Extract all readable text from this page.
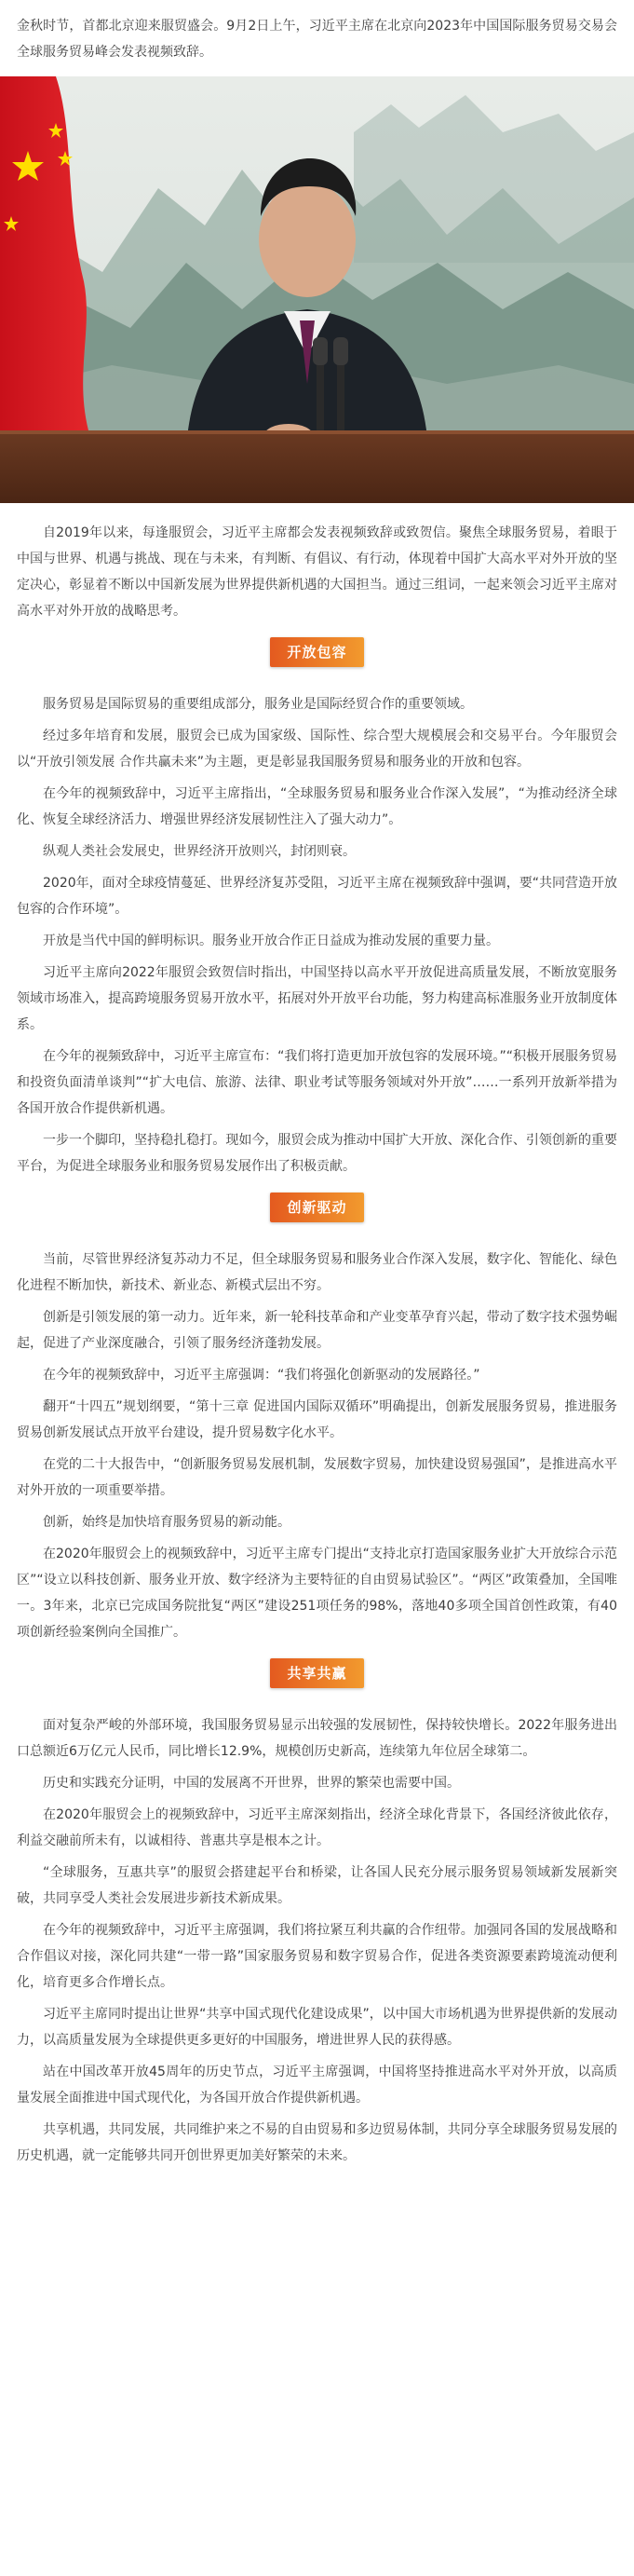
金秋时节，首都北京迎来服贸盛会。9月2日上午，习近平主席在北京向2023年中国国际服务贸易交易会全球服务贸易峰会发表视频致辞。

自2019年以来，每逢服贸会，习近平主席都会发表视频致辞或致贺信。聚焦全球服务贸易，着眼于中国与世界、机遇与挑战、现在与未来，有判断、有倡议、有行动，体现着中国扩大高水平对外开放的坚定决心，彰显着不断以中国新发展为世界提供新机遇的大国担当。通过三组词，一起来领会习近平主席对高水平对外开放的战略思考。

开放包容

服务贸易是国际贸易的重要组成部分，服务业是国际经贸合作的重要领域。

经过多年培育和发展，服贸会已成为国家级、国际性、综合型大规模展会和交易平台。今年服贸会以“开放引领发展 合作共赢未来”为主题，更是彰显我国服务贸易和服务业的开放和包容。

在今年的视频致辞中，习近平主席指出，“全球服务贸易和服务业合作深入发展”，“为推动经济全球化、恢复全球经济活力、增强世界经济发展韧性注入了强大动力”。

纵观人类社会发展史，世界经济开放则兴，封闭则衰。

2020年，面对全球疫情蔓延、世界经济复苏受阻，习近平主席在视频致辞中强调，要“共同营造开放包容的合作环境”。

开放是当代中国的鲜明标识。服务业开放合作正日益成为推动发展的重要力量。

习近平主席向2022年服贸会致贺信时指出，中国坚持以高水平开放促进高质量发展，不断放宽服务领域市场准入，提高跨境服务贸易开放水平，拓展对外开放平台功能，努力构建高标准服务业开放制度体系。

在今年的视频致辞中，习近平主席宣布：“我们将打造更加开放包容的发展环境。”“积极开展服务贸易和投资负面清单谈判”“扩大电信、旅游、法律、职业考试等服务领域对外开放”……一系列开放新举措为各国开放合作提供新机遇。

一步一个脚印，坚持稳扎稳打。现如今，服贸会成为推动中国扩大开放、深化合作、引领创新的重要平台，为促进全球服务业和服务贸易发展作出了积极贡献。

创新驱动

当前，尽管世界经济复苏动力不足，但全球服务贸易和服务业合作深入发展，数字化、智能化、绿色化进程不断加快，新技术、新业态、新模式层出不穷。

创新是引领发展的第一动力。近年来，新一轮科技革命和产业变革孕育兴起，带动了数字技术强势崛起，促进了产业深度融合，引领了服务经济蓬勃发展。

在今年的视频致辞中，习近平主席强调：“我们将强化创新驱动的发展路径。”

翻开“十四五”规划纲要，“第十三章 促进国内国际双循环”明确提出，创新发展服务贸易，推进服务贸易创新发展试点开放平台建设，提升贸易数字化水平。

在党的二十大报告中，“创新服务贸易发展机制，发展数字贸易，加快建设贸易强国”，是推进高水平对外开放的一项重要举措。

创新，始终是加快培育服务贸易的新动能。

在2020年服贸会上的视频致辞中，习近平主席专门提出“支持北京打造国家服务业扩大开放综合示范区”“设立以科技创新、服务业开放、数字经济为主要特征的自由贸易试验区”。“两区”政策叠加，全国唯一。3年来，北京已完成国务院批复“两区”建设251项任务的98%，落地40多项全国首创性政策，有40项创新经验案例向全国推广。

共享共赢

面对复杂严峻的外部环境，我国服务贸易显示出较强的发展韧性，保持较快增长。2022年服务进出口总额近6万亿元人民币，同比增长12.9%，规模创历史新高，连续第九年位居全球第二。

历史和实践充分证明，中国的发展离不开世界，世界的繁荣也需要中国。

在2020年服贸会上的视频致辞中，习近平主席深刻指出，经济全球化背景下，各国经济彼此依存，利益交融前所未有，以诚相待、普惠共享是根本之计。

“全球服务，互惠共享”的服贸会搭建起平台和桥梁，让各国人民充分展示服务贸易领域新发展新突破，共同享受人类社会发展进步新技术新成果。

在今年的视频致辞中，习近平主席强调，我们将拉紧互利共赢的合作纽带。加强同各国的发展战略和合作倡议对接，深化同共建“一带一路”国家服务贸易和数字贸易合作，促进各类资源要素跨境流动便利化，培育更多合作增长点。

习近平主席同时提出让世界“共享中国式现代化建设成果”，以中国大市场机遇为世界提供新的发展动力，以高质量发展为全球提供更多更好的中国服务，增进世界人民的获得感。

站在中国改革开放45周年的历史节点，习近平主席强调，中国将坚持推进高水平对外开放，以高质量发展全面推进中国式现代化，为各国开放合作提供新机遇。

共享机遇，共同发展，共同维护来之不易的自由贸易和多边贸易体制，共同分享全球服务贸易发展的历史机遇，就一定能够共同开创世界更加美好繁荣的未来。
